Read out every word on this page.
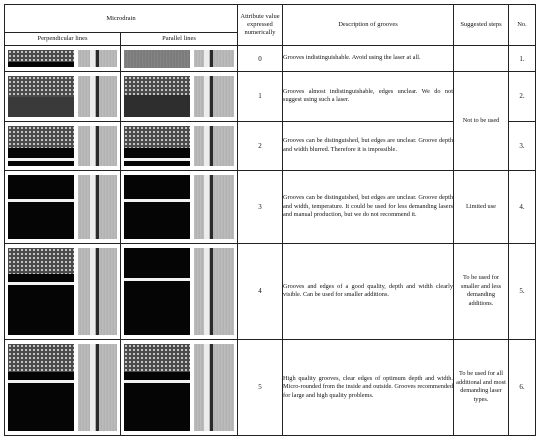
Microdrain		Attribute value expressed numerically	Description of grooves	Suggested steps	No.
Perpendicular lines	Parallel lines				

	0	Grooves indistinguishable. Avoid using the laser at all.		1.

	1	Grooves almost indistinguishable, edges unclear. We do not suggest using such a laser.	Not to be used	2.

	2	Grooves can be distinguished, but edges are unclear. Groove depth and width blurred. Therefore it is impossible.		3.

	3	Grooves can be distinguished, but edges are unclear. Groove depth and width, temperature. It could be used for less demanding lasers and manual production, but we do not recommend it.	Limited use	4.

	4	Grooves and edges of a good quality, depth and width clearly visible. Can be used for smaller additions.	To be used for smaller and less demanding additions.	5.

	5	High quality grooves, clear edges of optimum depth and width. Micro-rounded from the inside and outside. Grooves recommended for large and high quality problems.	To be used for all additional and most demanding laser types.	6.
